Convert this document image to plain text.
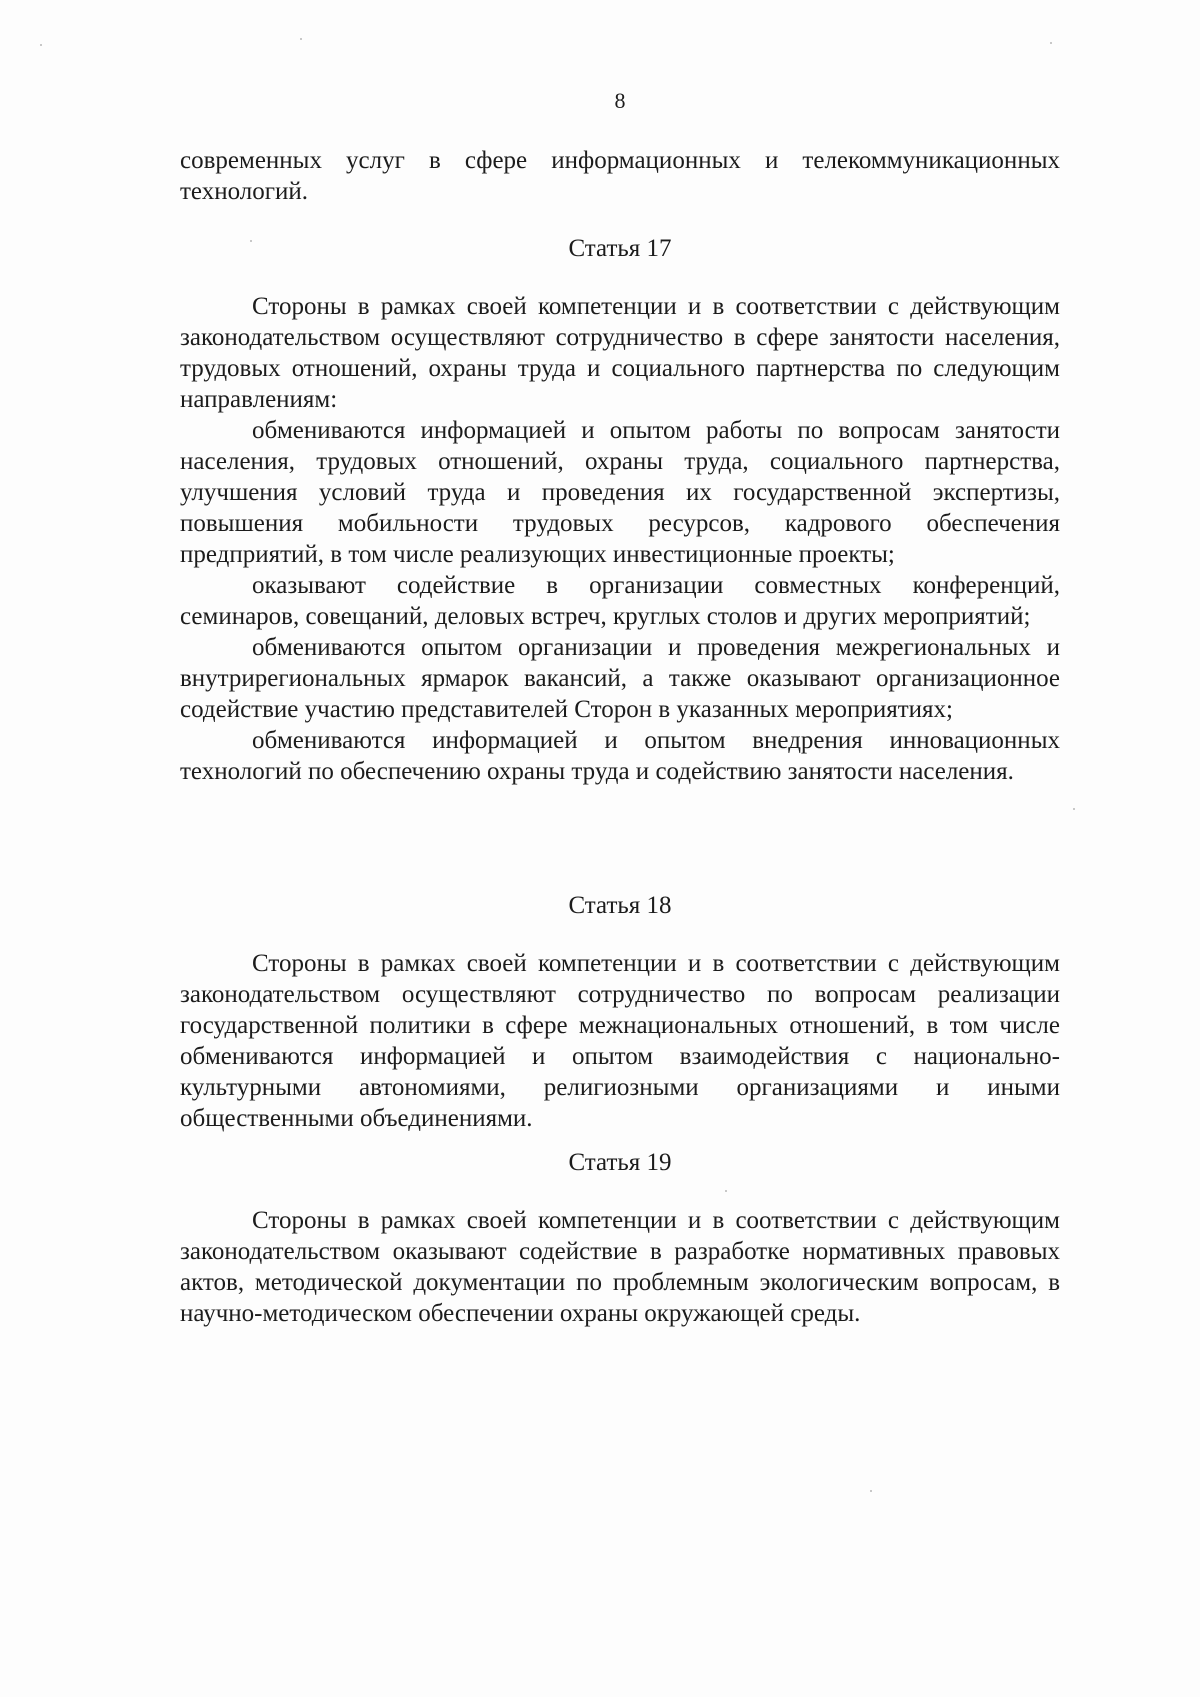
8

современных услуг в сфере информационных и телекоммуникационных технологий.

Статья 17

Стороны в рамках своей компетенции и в соответствии с действующим законодательством осуществляют сотрудничество в сфере занятости населения, трудовых отношений, охраны труда и социального партнерства по следующим направлениям:

обмениваются информацией и опытом работы по вопросам занятости населения, трудовых отношений, охраны труда, социального партнерства, улучшения условий труда и проведения их государственной экспертизы, повышения мобильности трудовых ресурсов, кадрового обеспечения предприятий, в том числе реализующих инвестиционные проекты;

оказывают содействие в организации совместных конференций, семинаров, совещаний, деловых встреч, круглых столов и других мероприятий;

обмениваются опытом организации и проведения межрегиональных и внутрирегиональных ярмарок вакансий, а также оказывают организационное содействие участию представителей Сторон в указанных мероприятиях;

обмениваются информацией и опытом внедрения инновационных технологий по обеспечению охраны труда и содействию занятости населения.

Статья 18

Стороны в рамках своей компетенции и в соответствии с действующим законодательством осуществляют сотрудничество по вопросам реализации государственной политики в сфере межнациональных отношений, в том числе обмениваются информацией и опытом взаимодействия с национально-культурными автономиями, религиозными организациями и иными общественными объединениями.

Статья 19

Стороны в рамках своей компетенции и в соответствии с действующим законодательством оказывают содействие в разработке нормативных правовых актов, методической документации по проблемным экологическим вопросам, в научно-методическом обеспечении охраны окружающей среды.
